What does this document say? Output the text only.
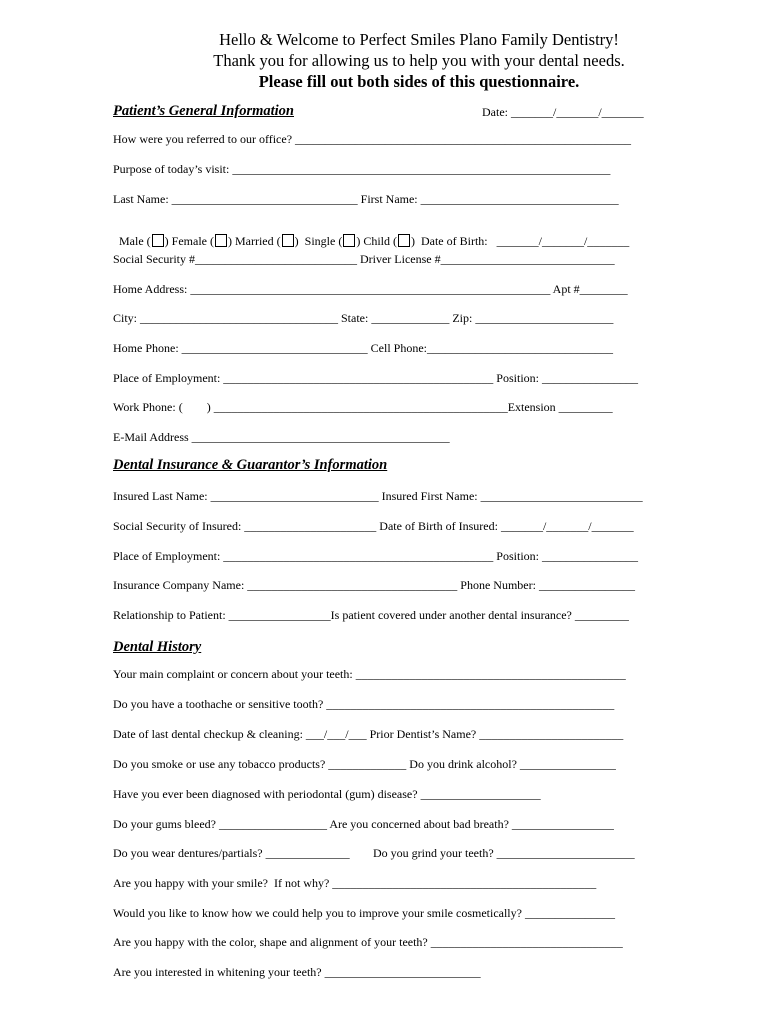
Hello & Welcome to Perfect Smiles Plano Family Dentistry!
Thank you for allowing us to help you with your dental needs.
Please fill out both sides of this questionnaire.
Patient’s General Information	Date: _______/_______/_______
How were you referred to our office? ________________________________________________________
Purpose of today’s visit: _______________________________________________________________
Last Name: _______________________________ First Name: _________________________________

Male ( ) Female ( ) Married ( )  Single ( ) Child ( )  Date of Birth:   _______/_______/_______

Social Security #___________________________ Driver License #_____________________________
Home Address: ____________________________________________________________ Apt #________
City: _________________________________ State: _____________ Zip: _______________________
Home Phone: _______________________________ Cell Phone:_______________________________
Place of Employment: _____________________________________________ Position: ________________
Work Phone: (        ) _________________________________________________Extension _________
E-Mail Address ___________________________________________
Dental Insurance & Guarantor’s Information
Insured Last Name: ____________________________ Insured First Name: ___________________________
Social Security of Insured: ______________________ Date of Birth of Insured: _______/_______/_______
Place of Employment: _____________________________________________ Position: ________________
Insurance Company Name: ___________________________________ Phone Number: ________________
Relationship to Patient: _________________Is patient covered under another dental insurance? _________
Dental History
Your main complaint or concern about your teeth: _____________________________________________
Do you have a toothache or sensitive tooth? ________________________________________________
Date of last dental checkup & cleaning: ___/___/___ Prior Dentist’s Name? ________________________
Do you smoke or use any tobacco products? _____________ Do you drink alcohol? ________________
Have you ever been diagnosed with periodontal (gum) disease? ____________________
Do your gums bleed? __________________ Are you concerned about bad breath? _________________
Do you wear dentures/partials? ______________ Do you grind your teeth? _______________________
Are you happy with your smile?  If not why? ____________________________________________
Would you like to know how we could help you to improve your smile cosmetically? _______________
Are you happy with the color, shape and alignment of your teeth? ________________________________
Are you interested in whitening your teeth? __________________________
